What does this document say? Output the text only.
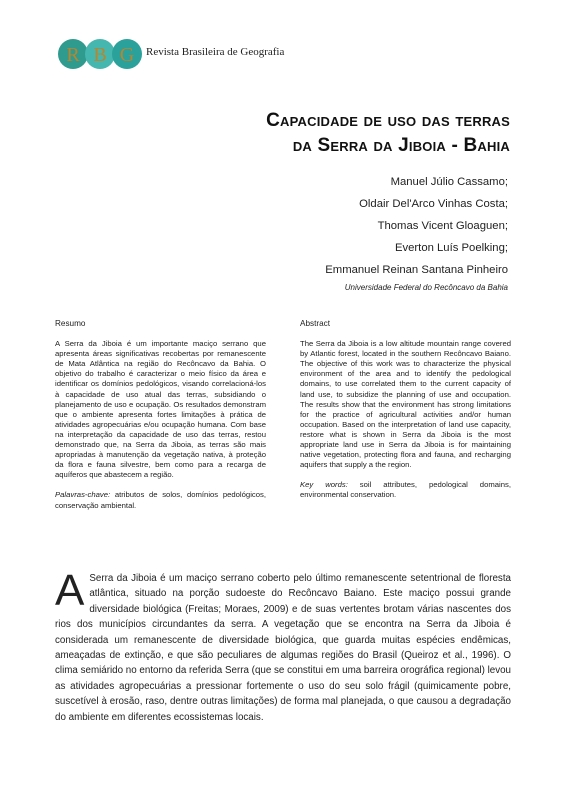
R B G Revista Brasileira de Geografia
Capacidade de uso das terras
da Serra da Jiboia - Bahia
Manuel Júlio Cassamo;
Oldair Del'Arco Vinhas Costa;
Thomas Vicent Gloaguen;
Everton Luís Poelking;
Emmanuel Reinan Santana Pinheiro
Universidade Federal do Recôncavo da Bahia
Resumo

A Serra da Jiboia é um importante maciço serrano que apresenta áreas significativas recobertas por remanescente de Mata Atlântica na região do Recôncavo da Bahia. O objetivo do trabalho é caracterizar o meio físico da área e identificar os domínios pedológicos, visando correlacioná-los à capacidade de uso atual das terras, subsidiando o planejamento de uso e ocupação. Os resultados demonstram que o ambiente apresenta fortes limitações à prática de atividades agropecuárias e/ou ocupação humana. Com base na interpretação da capacidade de uso das terras, restou demonstrado que, na Serra da Jiboia, as terras são mais apropriadas à manutenção da vegetação nativa, à proteção da flora e fauna silvestre, bem como para a recarga de aquíferos que abastecem a região.

Palavras-chave: atributos de solos, domínios pedológicos, conservação ambiental.

Abstract

The Serra da Jiboia is a low altitude mountain range covered by Atlantic forest, located in the southern Recôncavo Baiano. The objective of this work was to characterize the physical environment of the area and to identify the pedological domains, to use correlated them to the current capacity of land use, to subsidize the planning of use and occupation. The results show that the environment has strong limitations for the practice of agricultural activities and/or human occupation. Based on the interpretation of land use capacity, restore what is shown in Serra da Jiboia is the most appropriate land use in Serra da Jiboia is for maintaining native vegetation, protecting flora and fauna, and recharging aquifers that supply a the region.

Key words: soil attributes, pedological domains, environmental conservation.

A Serra da Jiboia é um maciço serrano coberto pelo último remanescente setentrional de floresta atlântica, situado na porção sudoeste do Recôncavo Baiano. Este maciço possui grande diversidade biológica (Freitas; Moraes, 2009) e de suas vertentes brotam várias nascentes dos rios dos municípios circundantes da serra. A vegetação que se encontra na Serra da Jiboia é considerada um remanescente de diversidade biológica, que guarda muitas espécies endêmicas, ameaçadas de extinção, e que são peculiares de algumas regiões do Brasil (Queiroz et al., 1996). O clima semiárido no entorno da referida Serra (que se constitui em uma barreira orográfica regional) levou as atividades agropecuárias a pressionar fortemente o uso do seu solo frágil (quimicamente pobre, suscetível à erosão, raso, dentre outras limitações) de forma mal planejada, o que causou a degradação do ambiente em diferentes ecossistemas locais.
